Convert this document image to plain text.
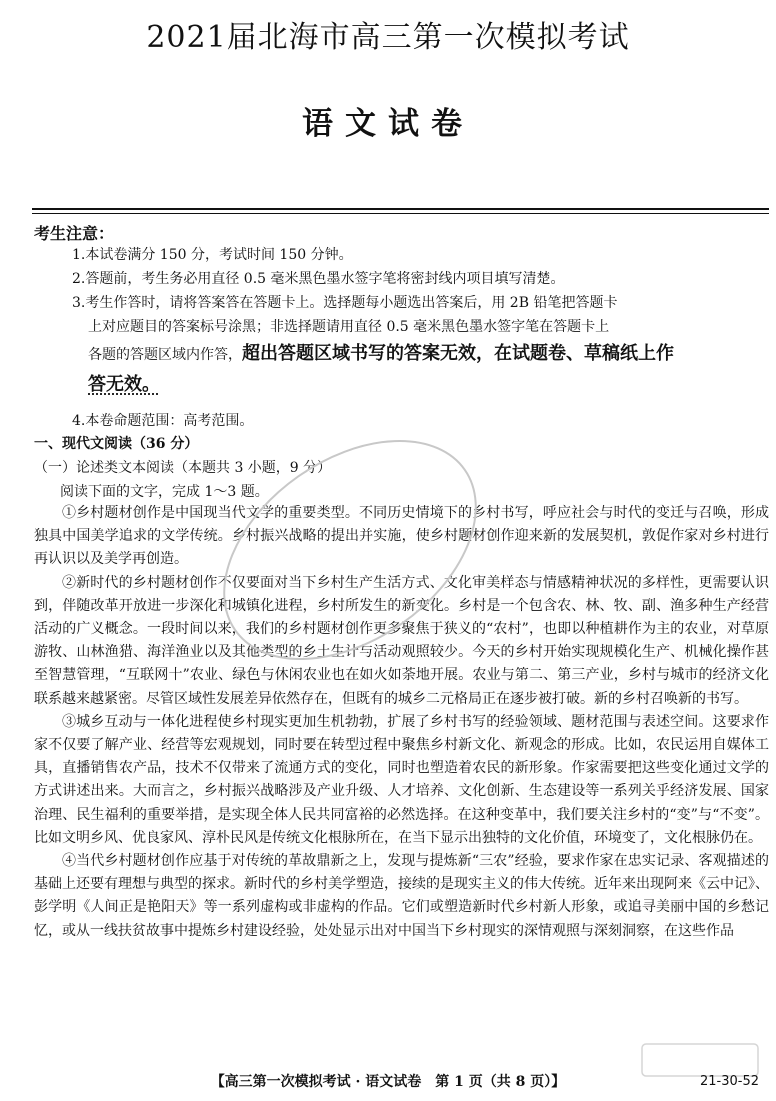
2021届北海市高三第一次模拟考试
语文试卷
考生注意：
1.本试卷满分 150 分，考试时间 150 分钟。
2.答题前，考生务必用直径 0.5 毫米黑色墨水签字笔将密封线内项目填写清楚。
3.考生作答时，请将答案答在答题卡上。选择题每小题选出答案后，用 2B 铅笔把答题卡
上对应题目的答案标号涂黑；非选择题请用直径 0.5 毫米黑色墨水签字笔在答题卡上
各题的答题区域内作答，超出答题区域书写的答案无效，在试题卷、草稿纸上作
答无效。
4.本卷命题范围：高考范围。
一、现代文阅读（36 分）
（一）论述类文本阅读（本题共 3 小题，9 分）
阅读下面的文字，完成 1～3 题。

①乡村题材创作是中国现当代文学的重要类型。不同历史情境下的乡村书写，呼应社会与时代的变迁与召唤，形成独具中国美学追求的文学传统。乡村振兴战略的提出并实施，使乡村题材创作迎来新的发展契机，敦促作家对乡村进行再认识以及美学再创造。

②新时代的乡村题材创作不仅要面对当下乡村生产生活方式、文化审美样态与情感精神状况的多样性，更需要认识到，伴随改革开放进一步深化和城镇化进程，乡村所发生的新变化。乡村是一个包含农、林、牧、副、渔多种生产经营活动的广义概念。一段时间以来，我们的乡村题材创作更多聚焦于狭义的“农村”，也即以种植耕作为主的农业，对草原游牧、山林渔猎、海洋渔业以及其他类型的乡土生计与活动观照较少。今天的乡村开始实现规模化生产、机械化操作甚至智慧管理，“互联网十”农业、绿色与休闲农业也在如火如荼地开展。农业与第二、第三产业，乡村与城市的经济文化联系越来越紧密。尽管区域性发展差异依然存在，但既有的城乡二元格局正在逐步被打破。新的乡村召唤新的书写。

③城乡互动与一体化进程使乡村现实更加生机勃勃，扩展了乡村书写的经验领域、题材范围与表述空间。这要求作家不仅要了解产业、经营等宏观规划，同时要在转型过程中聚焦乡村新文化、新观念的形成。比如，农民运用自媒体工具，直播销售农产品，技术不仅带来了流通方式的变化，同时也塑造着农民的新形象。作家需要把这些变化通过文学的方式讲述出来。大而言之，乡村振兴战略涉及产业升级、人才培养、文化创新、生态建设等一系列关乎经济发展、国家治理、民生福利的重要举措，是实现全体人民共同富裕的必然选择。在这种变革中，我们要关注乡村的“变”与“不变”。比如文明乡风、优良家风、淳朴民风是传统文化根脉所在，在当下显示出独特的文化价值，环境变了，文化根脉仍在。

④当代乡村题材创作应基于对传统的革故鼎新之上，发现与提炼新“三农”经验，要求作家在忠实记录、客观描述的基础上还要有理想与典型的探求。新时代的乡村美学塑造，接续的是现实主义的伟大传统。近年来出现阿来《云中记》、彭学明《人间正是艳阳天》等一系列虚构或非虚构的作品。它们或塑造新时代乡村新人形象，或追寻美丽中国的乡愁记忆，或从一线扶贫故事中提炼乡村建设经验，处处显示出对中国当下乡村现实的深情观照与深刻洞察，在这些作品

【高三第一次模拟考试 · 语文试卷　第 1 页（共 8 页）】	21-30-52
